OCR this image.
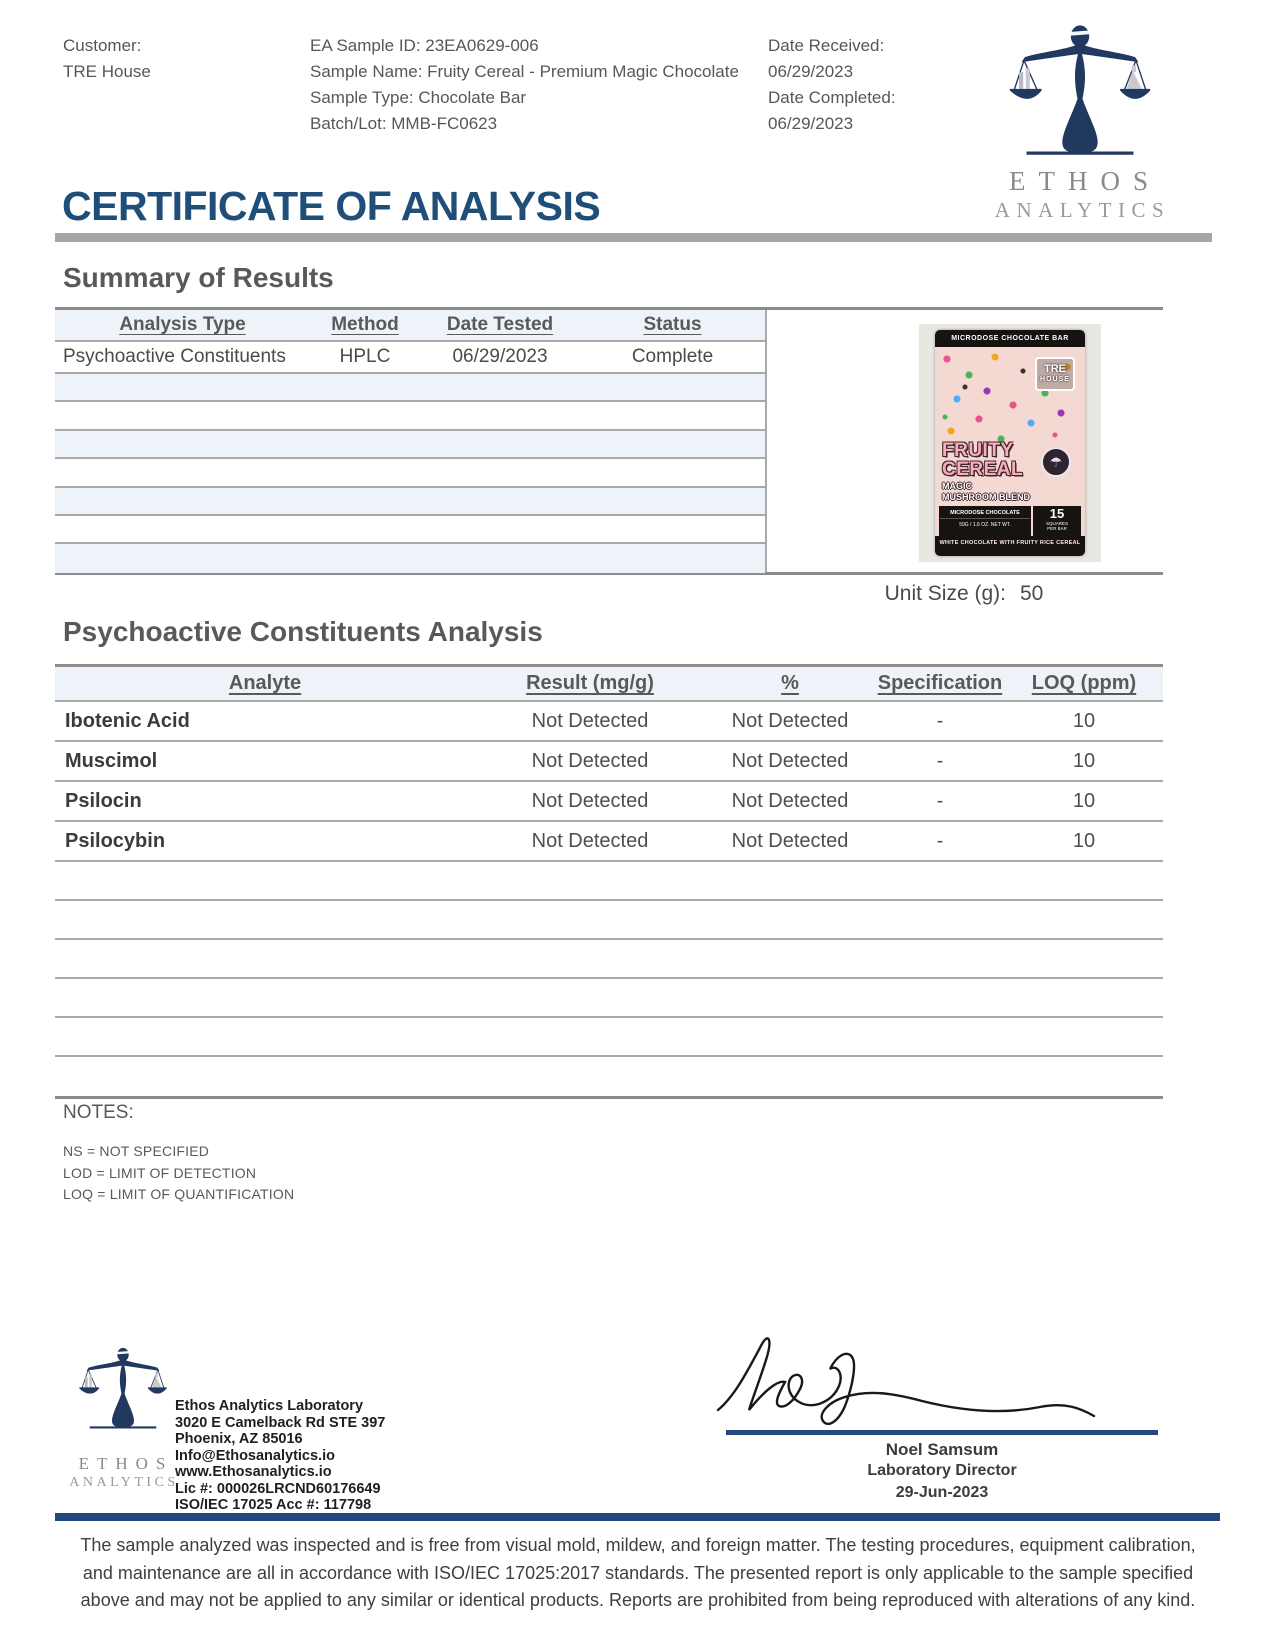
Customer:
TRE House
EA Sample ID: 23EA0629-006
Sample Name: Fruity Cereal - Premium Magic Chocolate
Sample Type: Chocolate Bar
Batch/Lot: MMB-FC0623
Date Received:
06/29/2023
Date Completed:
06/29/2023
ETHOS
ANALYTICS
CERTIFICATE OF ANALYSIS
Summary of Results
Analysis Type	Method	Date Tested	Status
Psychoactive Constituents	HPLC	06/29/2023	Complete
MICRODOSE CHOCOLATE BAR
TRE
HOUSE
FRUITY
CEREAL	☂
MAGIC
MUSHROOM BLEND
MICRODOSE CHOCOLATE
59G / 1.6 OZ. NET WT.
15
SQUARES
PER BAR
WHITE CHOCOLATE WITH FRUITY RICE CEREAL
Unit Size (g): 50
Psychoactive Constituents Analysis
Analyte	Result (mg/g)	%	Specification	LOQ (ppm)
Ibotenic Acid	Not Detected	Not Detected	-	10
Muscimol	Not Detected	Not Detected	-	10
Psilocin	Not Detected	Not Detected	-	10
Psilocybin	Not Detected	Not Detected	-	10
NOTES:
NS = NOT SPECIFIED
LOD = LIMIT OF DETECTION
LOQ = LIMIT OF QUANTIFICATION
ETHOS
ANALYTICS
Ethos Analytics Laboratory
3020 E Camelback Rd STE 397
Phoenix, AZ 85016
Info@Ethosanalytics.io
www.Ethosanalytics.io
Lic #: 000026LRCND60176649
ISO/IEC 17025 Acc #: 117798
Noel Samsum
Laboratory Director
29-Jun-2023
The sample analyzed was inspected and is free from visual mold, mildew, and foreign matter. The testing procedures, equipment calibration, and maintenance are all in accordance with ISO/IEC 17025:2017 standards. The presented report is only applicable to the sample specified above and may not be applied to any similar or identical products. Reports are prohibited from being reproduced with alterations of any kind.
